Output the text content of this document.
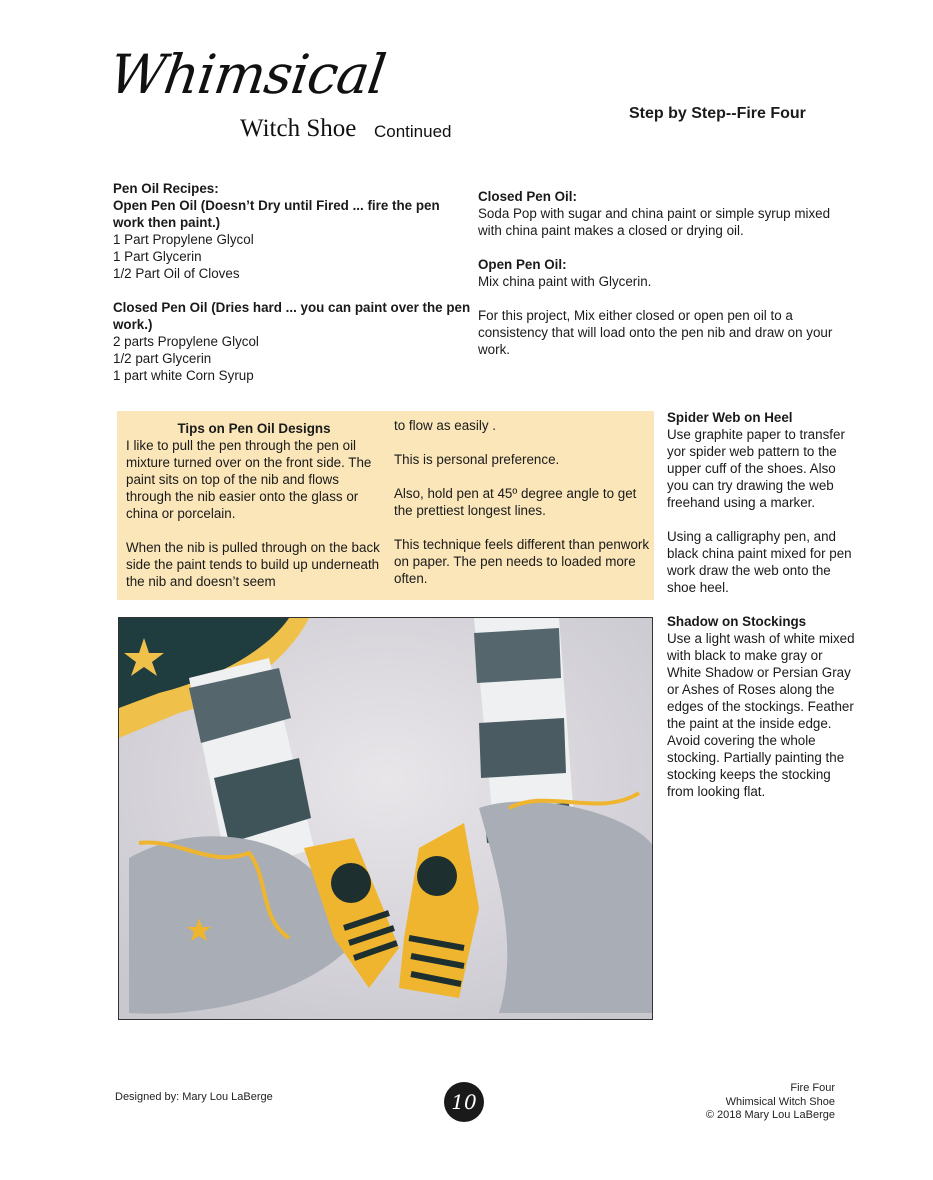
Whimsical
Witch Shoe Continued
Step by Step--Fire Four

Pen Oil Recipes:

Open Pen Oil (Doesn’t Dry until Fired ... fire the pen work then paint.)

1 Part Propylene Glycol

1 Part Glycerin

1/2 Part Oil of Cloves

Closed Pen Oil (Dries hard ... you can paint over the pen work.)

2 parts Propylene Glycol

1/2 part Glycerin

1 part white Corn Syrup

Closed Pen Oil:

Soda Pop with sugar and china paint or simple syrup mixed with china paint makes a closed or drying oil.

Open Pen Oil:

Mix china paint with Glycerin.

For this project, Mix either closed or open pen oil to a consistency that will load onto the pen nib and draw on your work.

Tips on Pen Oil Designs

I like to pull the pen through the pen oil mixture turned over on the front side. The paint sits on top of the nib and flows through the nib easier onto the glass or china or porcelain.

When the nib is pulled through on the back side the paint tends to build up underneath the nib and doesn’t seem

to flow as easily .

This is personal preference.

Also, hold pen at 45º degree angle to get the prettiest longest lines.

This technique feels different than penwork on paper. The pen needs to loaded more often.

Spider Web on Heel

Use graphite paper to transfer yor spider web pattern to the upper cuff of the shoes. Also you can try drawing the web freehand using a marker.

Using a calligraphy pen, and black china paint mixed for pen work draw the web onto the shoe heel.

Shadow on Stockings

Use a light wash of white mixed with black to make gray or White Shadow or Persian Gray or Ashes of Roses along the edges of the stockings. Feather the paint at the inside edge. Avoid covering the whole stocking. Partially painting the stocking keeps the stocking from looking flat.

Designed by: Mary Lou LaBerge	10
Fire Four
Whimsical Witch Shoe
© 2018 Mary Lou LaBerge
